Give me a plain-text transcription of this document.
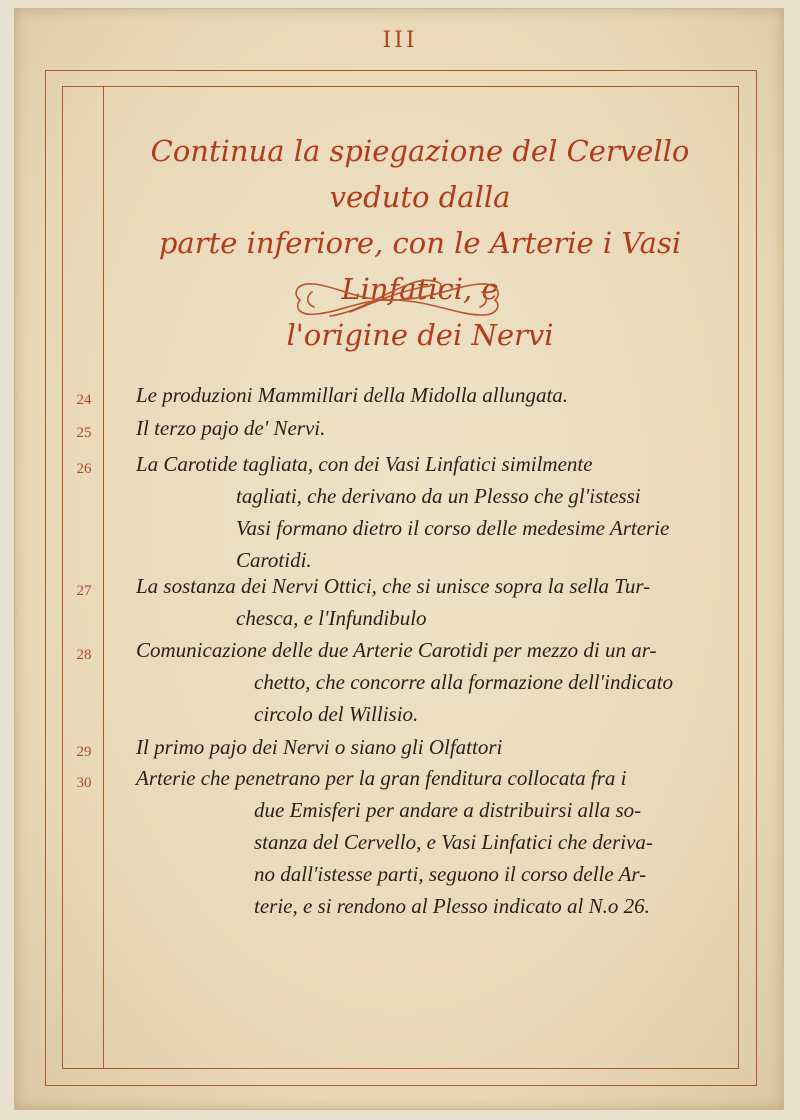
III
Continua la spiegazione del Cervello veduto dalla
parte inferiore, con le Arterie i Vasi Linfatici, e
l'origine dei Nervi
24	Le produzioni Mammillari della Midolla allungata.
25	Il terzo pajo de' Nervi.
26	La Carotide tagliata, con dei Vasi Linfatici similmente
tagliati, che derivano da un Plesso che gl'istessi
Vasi formano dietro il corso delle medesime Arterie
Carotidi.
27	La sostanza dei Nervi Ottici, che si unisce sopra la sella Tur-
chesca, e l'Infundibulo
28	Comunicazione delle due Arterie Carotidi per mezzo di un ar-
chetto, che concorre alla formazione dell'indicato
circolo del Willisio.
29	Il primo pajo dei Nervi o siano gli Olfattori
30	Arterie che penetrano per la gran fenditura collocata fra i
due Emisferi per andare a distribuirsi alla so-
stanza del Cervello, e Vasi Linfatici che deriva-
no dall'istesse parti, seguono il corso delle Ar-
terie, e si rendono al Plesso indicato al N.o 26.
